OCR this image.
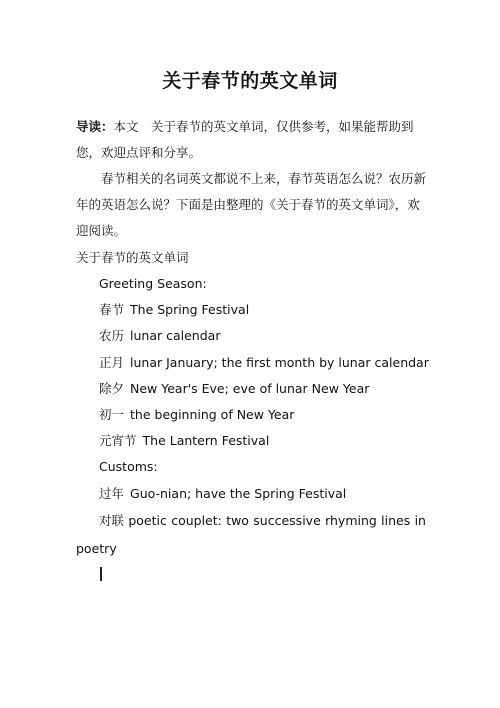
关于春节的英文单词
导读：本文　关于春节的英文单词，仅供参考，如果能帮助到您，欢迎点评和分享。
春节相关的名词英文都说不上来，春节英语怎么说？农历新年的英语怎么说？下面是由整理的《关于春节的英文单词》，欢迎阅读。
关于春节的英文单词
Greeting Season:
春节 The Spring Festival
农历 lunar calendar
正月 lunar January; the first month by lunar calendar
除夕 New Year's Eve; eve of lunar New Year
初一 the beginning of New Year
元宵节 The Lantern Festival
Customs:
过年 Guo-nian; have the Spring Festival
对联 poetic couplet: two successive rhyming lines in
poetry
